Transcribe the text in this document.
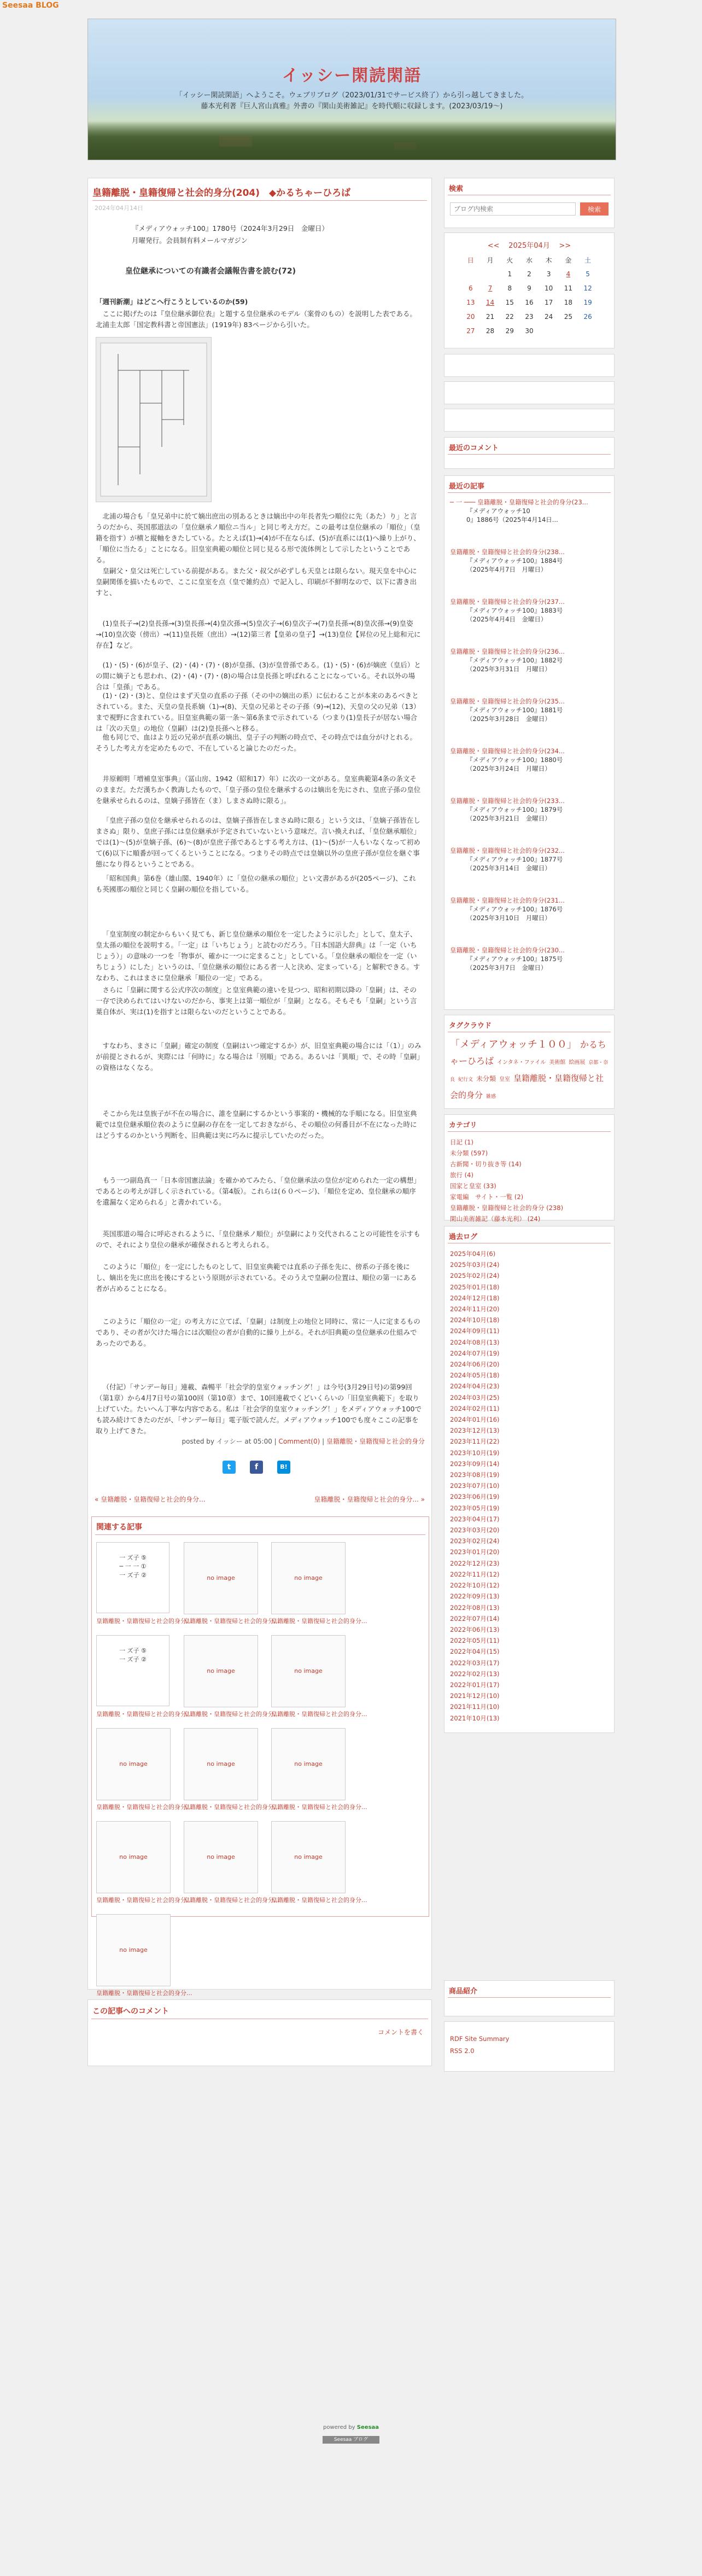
Seesaa BLOG
イッシー閑読閑語
「イッシー閑読閑語」へようこそ。ウェブリブログ（2023/01/31でサービス終了）から引っ越してきました。
藤本光利著『巨人宮山真雅』外書の『閑山美術雑記』を時代順に収録します。(2023/03/19～)
皇籍離脱・皇籍復帰と社会的身分(204)　◆かるちゃーひろば
2024年04月14日

『メディアウォッチ100』1780号（2024年3月29日　金曜日）

月曜発行。会員制有料メールマガジン

皇位継承についての有識者会議報告書を読む(72)

「週刊新潮」はどこへ行こうとしているのか(59)

ここに掲げたのは『皇位継承御位表』と題する皇位継承のモデル（案骨のもの）を説明した表である。北浦圭太郎「国定教科書と帝国憲法」(1919年) 83ページから引いた。

北浦の場合も「皇兄弟中に於て嫡出庶出の別あるときは嫡出中の年長者先つ順位に先（あた）り」と言うのだから、英国那道法の「皇位継承ノ順位ニ当ル」と同じ考え方だ。この最考は皇位継承の「順位」（皇籍を指す）が横と縦軸をきたしている。たとえば(1)→(4)が不在ならば、(5)が直系には(1)へ繰り上がり、「順位に当たる」ことになる。旧皇室典範の順位と同じ見るる形で流体例として示したということである。

皇嗣父・皇父は死亡している前提がある。また父・叔父が必ずしも天皇とは限らない。現天皇を中心に皇嗣関係を描いたもので、ここに皇室を点（皇で雑約点）で記入し、印刷が不鮮明なので、以下に書き出すと、

(1)皇長子→(2)皇長孫→(3)皇長孫→(4)皇次孫→(5)皇次子→(6)皇次子→(7)皇長孫→(8)皇次孫→(9)皇姿→(10)皇次姿（傍出）→(11)皇長姪（庶出）→(12)第三者【皇弟の皇子】→(13)皇位【昇位の兄上総和元に存在】など。

(1)・(5)・(6)が皇子、(2)・(4)・(7)・(8)が皇孫、(3)が皇曽孫である。(1)・(5)・(6)が嫡庶（皇后）との間に嫡子とも思われ、(2)・(4)・(7)・(8)の場合は皇長孫と呼ばれることになっている。それ以外の場合は「皇孫」である。

(1)・(2)・(3)と、皇位はまず天皇の直系の子孫（その中の嫡出の系）に伝わることが本来のあるべきとされている。また、天皇の皇長系嫡（1)→(8)、天皇の兄弟とその子孫（9)→(12)、天皇の父の兄弟（13）まで視野に含まれている。旧皇室典範の第一条～第6条まで示されている（つまり(1)皇長子が居ない場合は「次の天皇」の地位（皇嗣）は(2)皇長孫へと移る。

他も同じで、血はより近の兄弟が直系の嫡出、皇子子の判断の時点で、その時点では血分がけとれる。そうした考え方を定めたもので、不在していると論じたのだった。

井原頼明「増補皇室事典」（冨山房、1942（昭和17）年）に次の一文がある。皇室典範第4条の条文そのままだ。ただ漢ちかく教誨したもので、「皇子孫の皇位を継承するのは嫡出を先にされ、皇庶子孫の皇位を継承せられるのは、皇嫡子孫皆在（ま）しまさぬ時に限る」。

「皇庶子孫の皇位を継承せられるのは、皇嫡子孫皆在しまさぬ時に限る」という文は、「皇嫡子孫皆在しまさぬ」限り、皇庶子孫には皇位継承が予定されていないという意味だ。言い換えれば、「皇位継承順位」では(1)〜(5)が皇嫡子孫、(6)〜(8)が皇庶子孫であるとする考え方は、(1)〜(5)が一人もいなくなって初めて(6)以下に順番が回ってくるということになる。つまりその時点では皇嫡以外の皇庶子孫が皇位を継ぐ事態になり得るということである。

「昭和国典」第6巻（雄山閣、1940年）に「皇位の継承の順位」とい文書があるが(205ページ)、これも英國那の順位と同じく皇嗣の順位を指している。

「皇室制度の制定からもいく見ても、新じ皇位継承の順位を一定したように示した」として、皇太子、皇太孫の順位を説明する。「一定」は「いちじょう」と読むのだろう。『日本国語大辞典』は「一定（いちじょう）」の意味の一つを「物事が、確かに一つに定まること」としている。「皇位継承の順位を一定（いちじょう）にした」というのは、「皇位継承の順位にある者一人と決め、定まっている」と解釈できる。すなわち、これはまさに皇位継承「順位の一定」である。

さらに「皇嗣に関する公式序次の制度」と皇室典範の違いを見つつ、昭和初期以降の「皇嗣」は、その一存で決められてはいけないのだから、事実上は第一順位が「皇嗣」となる。そもそも「皇嗣」という言葉自体が、実は(1)を指すとは限らないのだということである。

すなわち、まさに「皇嗣」確定の制度（皇嗣はいつ確定するか）が、旧皇室典範の場合には「（1）」のみが前提とされるが、実際には「何時に」なる場合は「別順」である。あるいは「異順」で、その時「皇嗣」の資格はなくなる。

そこから先は皇族子が不在の場合に、誰を皇嗣にするかという事案的・機械的な手順になる。旧皇室典範では皇位継承順位表のように皇嗣の存在を一定しておきながら、その順位の何番目が不在になった時にはどうするのかという判断を、旧典範は実に巧みに提示していたのだった。

もう一つ副島真一「日本帝国憲法論」を確かめてみたら、「皇位継承法の皇位が定められた一定の構想」であるとの考えが詳しく示されている。（第4版）。これらは(６０ページ)、「順位を定め、皇位継承の順序を遺漏なく定められる」と書かれている。

英国那道の場合に呼応されるように、「皇位継承ノ順位」が皇嗣により交代されることの可能性を示すもので、それにより皇位の継承が確保されると考えられる。

このように「順位」を一定にしたものとして、旧皇室典範では直系の子孫を先に、傍系の子孫を後にし、嫡出を先に庶出を後にするという原則が示されている。そのうえで皇嗣の位置は、順位の第一にある者が占めることになる。

このように「順位の一定」の考え方に立てば、「皇嗣」は制度上の地位と同時に、常に一人に定まるものであり、その者が欠けた場合には次順位の者が自動的に繰り上がる。それが旧典範の皇位継承の仕組みであったのである。

（付記）「サンデー毎日」連載、森暢平「社会学的皇室ウォッチング！」は今号(3月29日号)の第99回（第1章）から4月7日号の第100回（第10章）まで、10回連載でくどいくらいの「旧皇室典範下」を取り上げていた。たいへん丁寧な内容である。私は「社会学的皇室ウォッチング！」をメディアウォッチ100でも読み続けてきたのだが、「サンデー毎日」電子版で読んだ。メディアウォッチ100でも度々ここの記事を取り上げてきた。

posted by イッシー at 05:00 | Comment(0) | 皇籍離脱・皇籍復帰と社会的身分
t	f	B!
« 皇籍離脱・皇籍復帰と社会的身分...	皇籍離脱・皇籍復帰と社会的身分... »
関連する記事
一 ズ子 ⑤
─ 一 一 ①
一 ズ子 ②
皇籍離脱・皇籍復帰と社会的身分...
no image
皇籍離脱・皇籍復帰と社会的身分...
no image
皇籍離脱・皇籍復帰と社会的身分...
一 ズ子 ⑤
一 ズ子 ②
皇籍離脱・皇籍復帰と社会的身分...
no image
皇籍離脱・皇籍復帰と社会的身分...
no image
皇籍離脱・皇籍復帰と社会的身分...
no image
皇籍離脱・皇籍復帰と社会的身分...
no image
皇籍離脱・皇籍復帰と社会的身分...
no image
皇籍離脱・皇籍復帰と社会的身分...
no image
皇籍離脱・皇籍復帰と社会的身分...
no image
皇籍離脱・皇籍復帰と社会的身分...
no image
皇籍離脱・皇籍復帰と社会的身分...
no image
皇籍離脱・皇籍復帰と社会的身分...
この記事へのコメント
コメントを書く
検索
ブログ内検索
検索
<< 2025年04月 >>
日	月	火	水	木	金	土
		1	2	3	4	5
6	7	8	9	10	11	12
13	14	15	16	17	18	19
20	21	22	23	24	25	26
27	28	29	30			
最近のコメント
最近の記事
─ 一 ─── 皇籍離脱・皇籍復帰と社会的身分(23...
『メディアウォッチ10
0』1886号（2025年4月14日...
皇籍離脱・皇籍復帰と社会的身分(238...
『メディアウォッチ100』1884号
（2025年4月7日　月曜日）
皇籍離脱・皇籍復帰と社会的身分(237...
『メディアウォッチ100』1883号
（2025年4月4日　金曜日）
皇籍離脱・皇籍復帰と社会的身分(236...
『メディアウォッチ100』1882号
（2025年3月31日　月曜日）
皇籍離脱・皇籍復帰と社会的身分(235...
『メディアウォッチ100』1881号
（2025年3月28日　金曜日）
皇籍離脱・皇籍復帰と社会的身分(234...
『メディアウォッチ100』1880号
（2025年3月24日　月曜日）
皇籍離脱・皇籍復帰と社会的身分(233...
『メディアウォッチ100』1879号
（2025年3月21日　金曜日）
皇籍離脱・皇籍復帰と社会的身分(232...
『メディアウォッチ100』1877号
（2025年3月14日　金曜日）
皇籍離脱・皇籍復帰と社会的身分(231...
『メディアウォッチ100』1876号
（2025年3月10日　月曜日）
皇籍離脱・皇籍復帰と社会的身分(230...
『メディアウォッチ100』1875号
（2025年3月7日　金曜日）
タグクラウド
「メディアウォッチ１００」 かるちゃーひろば インタネ・ファイル 美術館 絵画展 京都・奈良 紀行文 未分類 皇室 皇籍離脱・皇籍復帰と社会的身分 雑感
カテゴリ
日記 (1)
未分類 (597)
古新聞・切り抜き等 (14)
旅行 (4)
国家と皇室 (33)
家電編　サイト・一覧 (2)
皇籍離脱・皇籍復帰と社会的身分 (238)
閑山美術雑記（藤本光利） (24)
過去ログ
2025年04月(6)
2025年03月(24)
2025年02月(24)
2025年01月(18)
2024年12月(18)
2024年11月(20)
2024年10月(18)
2024年09月(11)
2024年08月(13)
2024年07月(19)
2024年06月(20)
2024年05月(18)
2024年04月(23)
2024年03月(25)
2024年02月(11)
2024年01月(16)
2023年12月(13)
2023年11月(22)
2023年10月(19)
2023年09月(14)
2023年08月(19)
2023年07月(10)
2023年06月(19)
2023年05月(19)
2023年04月(17)
2023年03月(20)
2023年02月(24)
2023年01月(20)
2022年12月(23)
2022年11月(12)
2022年10月(12)
2022年09月(13)
2022年08月(13)
2022年07月(14)
2022年06月(13)
2022年05月(11)
2022年04月(15)
2022年03月(17)
2022年02月(13)
2022年01月(17)
2021年12月(10)
2021年11月(10)
2021年10月(13)
商品紹介
RDF Site Summary
RSS 2.0
powered by Seesaa
Seesaa ブログ
